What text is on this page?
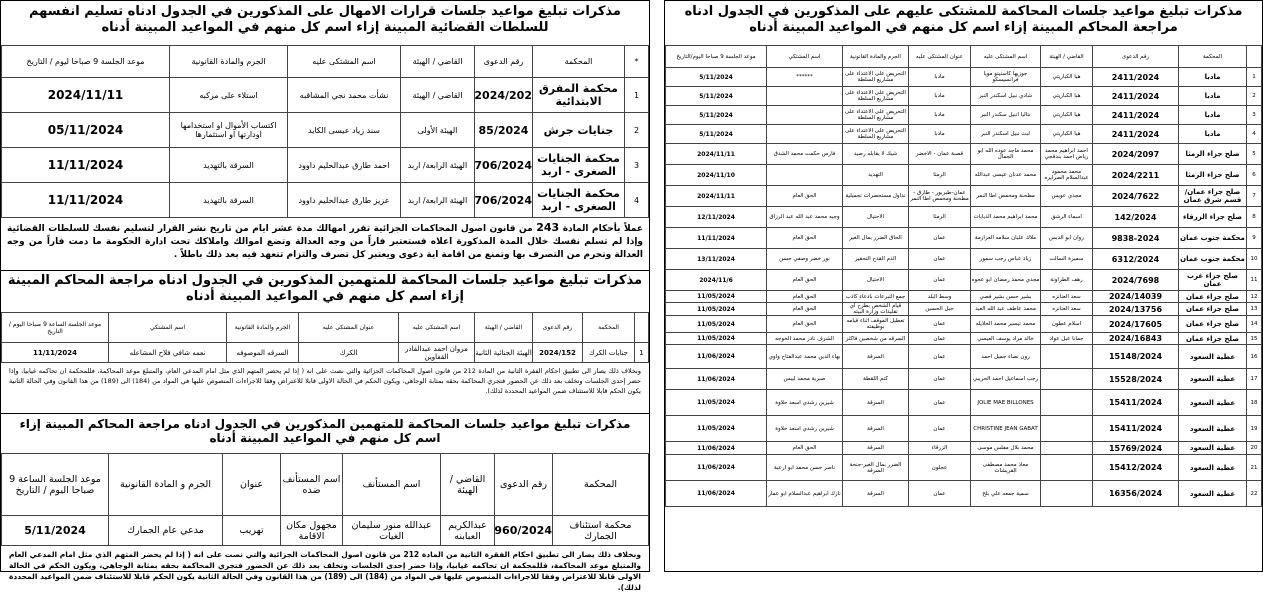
مذكرات تبليغ مواعيد جلسات قرارات الامهال على المذكورين في الجدول ادناه تسليم انفسهم للسلطات القضائية المبينة إزاء اسم كل منهم في المواعيد المبينة أدناه
*	المحكمة	رقم الدعوى	القاضي / الهيئة	اسم المشتكى عليه	الجرم والمادة القانونية	موعد الجلسة 9 صباحا ليوم / التاريخ
1	محكمة المفرق الابتدائية	2024/202	القاضي / الهيئة	نشأت محمد نجي المشاقبه	استلاء على مركبه	2024/11/11
2	جنايات جرش	85/2024	الهيئة الأولى	سند زياد عيسى الكايد	اكتساب الأموال او استخدامها اودارتها او استثمارها	05/11/2024
3	محكمة الجنايات الصغرى - اربد	706/2024	الهيئة الرابعة/ اربد	احمد طارق عبدالحليم داوود	السرقة بالتهديد	11/11/2024
4	محكمة الجنايات الصغرى - اربد	706/2024	الهيئة الرابعة/ اربد	عزيز طارق عبدالحليم داوود	السرقة بالتهديد	11/11/2024
عملاً بأحكام المادة 243 من قانون اصول المحاكمات الجزائية تقرر امهالك مدة عشر ايام من تاريخ نشر القرار لتسليم نفسك للسلطات القضائية وإذا لم تسلم نفسك خلال المدة المذكورة اعلاه فستعتبر فاراً من وجه العدالة وتضع اموالك واملاكك تحت ادارة الحكومة ما دمت فاراً من وجه العدالة وتحرم من التصرف بها وتمنع من اقامة اية دعوى ويعتبر كل تصرف والتزام تتعهد فيه بعد ذلك باطلاً .
مذكرات تبليغ مواعيد جلسات المحاكمة للمتهمين المذكورين في الجدول ادناه مراجعة المحاكم المبينة إزاء اسم كل منهم في المواعيد المبينة أدناه
	المحكمة	رقم الدعوى	القاضي / الهيئة	اسم المشتكى عليه	عنوان المشتكى عليه	الجرم والمادة القانونية	اسم المشتكي	موعد الجلسة الساعة 9 صباحا اليوم / التاريخ
1	جنايات الكرك	2024/152	الهيئة الجنائية الثانية	مروان احمد عبدالقادر القفاوين	الكرك	السرقه الموصوفه	نعمه شافي فلاح المشاعله	11/11/2024
وبخلاف ذلك يصار الى تطبيق احكام الفقرة الثانية من المادة 212 من قانون اصول المحاكمات الجزائية والتي نصت على انه ( إذا لم يحضر المتهم الذي مثل امام المدعي العام، والمتبلغ موعد المحاكمة، فللمحكمة ان تحاكمه غيابيا، وإذا حضر إحدى الجلسات وتخلف بعد ذلك عن الحضور فتجري المحاكمة بحقه بمثابة الوجاهي، ويكون الحكم في الحالة الاولى قابلا للاعتراض وفقا للاجراءات المنصوص عليها في المواد من (184) الى (189) من هذا القانون وفي الحالة الثانية يكون الحكم قابلا للاستئناف ضمن المواعيد المحددة لذلك).
مذكرات تبليغ مواعيد جلسات المحاكمة للمتهمين المذكورين في الجدول ادناه مراجعة المحاكم المبينة إزاء اسم كل منهم في المواعيد المبينة أدناه
المحكمة	رقم الدعوى	القاضي / الهيئة	اسم المستأنف	اسم المستأنف ضده	عنوان	الجرم و المادة القانونية	موعد الجلسة الساعة 9 صباحا اليوم / التاريخ
محكمة استئناف الجمارك	960/2024	عبدالكريم العبابنه	عبدالله منور سليمان الغيات	مجهول مكان الاقامة	تهريب	مدعي عام الجمارك	5/11/2024
وبخلاف ذلك يصار الى تطبيق احكام الفقرة الثانية من المادة 212 من قانون اصول المحاكمات الجزائية والتي نصت على انه ( إذا لم يحضر المتهم الذي مثل امام المدعي العام والمتبلغ موعد المحاكمة، فللمحكمة ان تحاكمه غيابيا، وإذا حضر إحدى الجلسات وتخلف بعد ذلك عن الحضور فتجري المحاكمة بحقه بمثابة الوجاهي، ويكون الحكم في الحالة الاولى قابلا للاعتراض وفقا للاجراءات المنصوص عليها في المواد من (184) الى (189) من هذا القانون وفي الحالة الثانية يكون الحكم قابلا للاستئناف ضمن المواعيد المحددة لذلك).
مذكرات تبليغ مواعيد جلسات المحاكمة للمشتكى عليهم على المذكورين في الجدول ادناه مراجعة المحاكم المبينة إزاء اسم كل منهم في المواعيد المبينة أدناه
	المحكمة	رقم الدعوى	القاضي / الهيئة	اسم المشتكى عليه	عنوان المشتكى عليه	الجرم والمادة القانونية	اسم المشتكي	موعد الجلسة 9 صباحا اليوم/التاريخ
1	مادبا	2411/2024	هيا الكباريتي	جوزيها كاسنيتو مويا فرانسيسكو	مادبا	التحريض على الاعتداء على مشاريع السلطة	******	5/11/2024
2	مادبا	2411/2024	هيا الكباريتي	شادي نبيل اسكندر النبر	مادبا	التحريض على الاعتداء على مشاريع السلطة		5/11/2024
3	مادبا	2411/2024	هيا الكباريتي	نتاليا انبيل سكندر النبر	مادبا	التحريض على الاعتداء على مشاريع السلطة		5/11/2024
4	مادبا	2411/2024	هيا الكباريتي	لبث نبيل اسكندر النبر	مادبا	التحريض على الاعتداء على مشاريع السلطة		5/11/2024
5	صلح جزاء الرمثا	2024/2097	احمد ابراهيم محمد رياض احمد بندقجي	محمد ماجد عوده الله ابو الجمال	قصبة عمان - الاخضر	شيك لا يقابله رصيد	فارس حكمت محمد الشدق	2024/11/11
6	صلح جزاء الرمثا	2024/2211	محمد محمود عبدالسلام الصرايره	محمد عدنان عيسى عبدالله	الرمثا	التهديد		2024/11/10
7	صلح جزاء عمان/ قسم شرق عمان	2024/7622	مجدي عويس	مطحنة ومحمص اطا النمر	عمان-طبربور - طارق - مطحنة ومحمص اطا النمر	تداول مستحضرات تجميلية	الحق العام	2024/11/11
8	صلح جزاء الزرقاء	142/2024	اسماء الرشق	محمد ابراهيم محمد الذيابات	الرمثا	الاحتيال	وجيه محمد عبد الله عبد الرزاق	12/11/2024
9	محكمة جنوب عمان	9838-2024	روان ابو الدبس	ملاك عليان سلامه العزازمة	عمان	الحاق الضرر بمال الغير	الحق العام	11/11/2024
10	محكمة جنوب عمان	6312/2024	سميرة السالت	زياد عباس رجب سمور	عمان	الذم القدح التحقير	نور خضر وصفي حسن	13/11/2024
11	صلح جزاء غرب عمان	2024/7698	رهف الطراونة	مجدي محمد رمضان ابو عجوه	عمان	الاحتيال	الحق العام	2024/11/6
12	صلح جزاء عمان	2024/14039	سعد العنانزه	بشير حسن بشير قصي	وسط البلد	جمع التبرعات بادعاء كاذب	الحق العام	11/05/2024
13	صلح جزاء عمان	2024/13756	سعد العنانزه	محمد عاطف عبد الله العيد	جبل الحسين	قيام الشخص بطرح اي تقليدات وزارة البيئه	الحق العام	11/05/2024
14	صلح جزاء عمان	2024/17605	اسلام عطون	محمد تيسير محمد الخلايله	عمان	تعطيل الموقف اثناء قيامه بوظيفته	الحق العام	11/05/2024
15	صلح جزاء عمان	2024/16843	جمانا عبل عواد	خالد مراد يوسف العيسي	عمان	السرقه من شخصين فاكثر	الشرف نادر محمد الخوجه	11/05/2024
16	عطية السعود	15148/2024		رون نصاء جميل احمد	عمان	السرقة	بهاء الدين محمد عبدالفتاح واوي	11/06/2024
17	عطية السعود	15528/2024		رجب اسماعيل احمد الحريبي	عمان	كتم اللقطة	صبرية محمد ليبس	11/06/2024
18	عطية السعود	15411/2024		JOLIE MAE BILLONES	عمان	السرقة	شيرين رشدي اسعد حلاوة	11/05/2024
19	عطية السعود	15411/2024		CHRISTINE JEAN GABAT	عمان	السرقة	شيرين رشدي اسعد حلاوة	11/05/2024
20	عطية السعود	15769/2024		محمد بلال مفلس موسى	الزرقاء	السرقة	الحق العام	11/06/2024
21	عطية السعود	15412/2024		معاذ محمد مصطفى القريشات	عجلون	الضرر بمال الغير-جنحة السرقة	ناصر حسن محمد ابو ارعية	11/06/2024
22	عطية السعود	16356/2024		سمية جمعه علي بلح	عمان	السرقة	نازك ابراهيم عبدالسلام ابو عمار	11/06/2024
